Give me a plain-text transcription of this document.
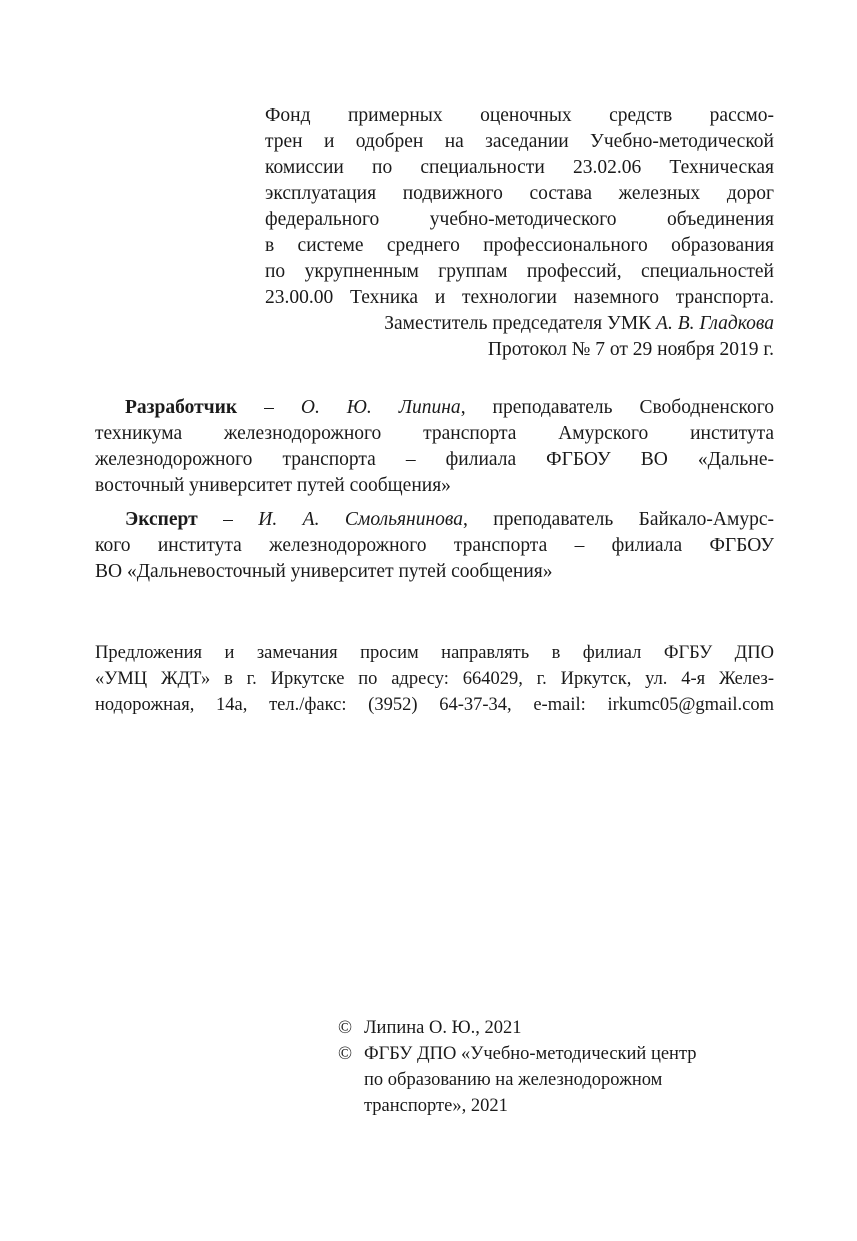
Фонд примерных оценочных средств рассмо-
трен и одобрен на заседании Учебно-методической
комиссии по специальности 23.02.06 Техническая
эксплуатация подвижного состава железных дорог
федерального учебно-методического объединения
в системе среднего профессионального образования
по укрупненным группам профессий, специальностей
23.00.00 Техника и технологии наземного транспорта.
Заместитель председателя УМК А. В. Гладкова
Протокол № 7 от 29 ноября 2019 г.
Разработчик – О. Ю. Липина, преподаватель Свободненского
техникума железнодорожного транспорта Амурского института
железнодорожного транспорта – филиала ФГБОУ ВО «Дальне-
восточный университет путей сообщения»
Эксперт – И. А. Смольянинова, преподаватель Байкало-Амурс-
кого института железнодорожного транспорта – филиала ФГБОУ
ВО «Дальневосточный университет путей сообщения»
Предложения и замечания просим направлять в филиал ФГБУ ДПО
«УМЦ ЖДТ» в г. Иркутске по адресу: 664029, г. Иркутск, ул. 4-я Желез-
нодорожная, 14а, тел./факс: (3952) 64-37-34, e-mail: irkumc05@gmail.com
© Липина О. Ю., 2021
© ФГБУ ДПО «Учебно-методический центр
по образованию на железнодорожном
транспорте», 2021
